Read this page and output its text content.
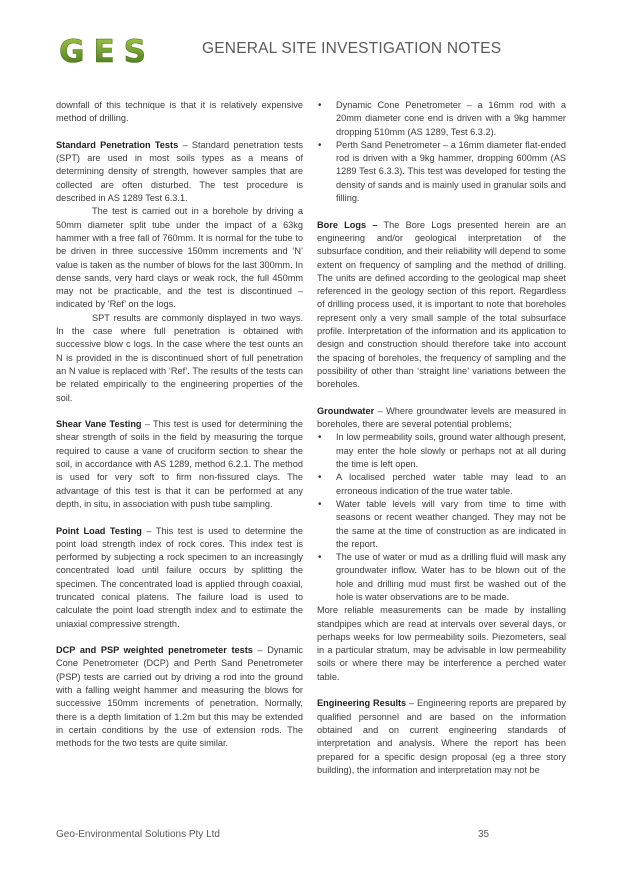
GES	GENERAL SITE INVESTIGATION NOTES

downfall of this technique is that it is relatively expensive method of drilling.

Standard Penetration Tests – Standard penetration tests (SPT) are used in most soils types as a means of determining density of strength, however samples that are collected are often disturbed. The test procedure is described in AS 1289 Test 6.3.1.

The test is carried out in a borehole by driving a 50mm diameter split tube under the impact of a 63kg hammer with a free fall of 760mm. It is normal for the tube to be driven in three successive 150mm increments and ‘N’ value is taken as the number of blows for the last 300mm. In dense sands, very hard clays or weak rock, the full 450mm may not be practicable, and the test is discontinued – indicated by ‘Ref’ on the logs.

SPT results are commonly displayed in two ways. In the case where full penetration is obtained with successive blow c logs. In the case where the test ounts an N is provided in the is discontinued short of full penetration an N value is replaced with ‘Ref’. The results of the tests can be related empirically to the engineering properties of the soil.

Shear Vane Testing – This test is used for determining the shear strength of soils in the field by measuring the torque required to cause a vane of cruciform section to shear the soil, in accordance with AS 1289, method 6.2.1. The method is used for very soft to firm non-fissured clays. The advantage of this test is that it can be performed at any depth, in situ, in association with push tube sampling.

Point Load Testing – This test is used to determine the point load strength index of rock cores. This index test is performed by subjecting a rock specimen to an increasingly concentrated load until failure occurs by splitting the specimen. The concentrated load is applied through coaxial, truncated conical platens. The failure load is used to calculate the point load strength index and to estimate the uniaxial compressive strength.

DCP and PSP weighted penetrometer tests – Dynamic Cone Penetrometer (DCP) and Perth Sand Penetrometer (PSP) tests are carried out by driving a rod into the ground with a falling weight hammer and measuring the blows for successive 150mm increments of penetration. Normally, there is a depth limitation of 1.2m but this may be extended in certain conditions by the use of extension rods. The methods for the two tests are quite similar.

• Dynamic Cone Penetrometer – a 16mm rod with a 20mm diameter cone end is driven with a 9kg hammer dropping 510mm (AS 1289, Test 6.3.2).
• Perth Sand Penetrometer – a 16mm diameter flat-ended rod is driven with a 9kg hammer, dropping 600mm (AS 1289 Test 6.3.3). This test was developed for testing the density of sands and is mainly used in granular soils and filling.

Bore Logs – The Bore Logs presented herein are an engineering and/or geological interpretation of the subsurface condition, and their reliability will depend to some extent on frequency of sampling and the method of drilling. The units are defined according to the geological map sheet referenced in the geology section of this report. Regardless of drilling process used, it is important to note that boreholes represent only a very small sample of the total subsurface profile. Interpretation of the information and its application to design and construction should therefore take into account the spacing of boreholes, the frequency of sampling and the possibility of other than ‘straight line’ variations between the boreholes.

Groundwater – Where groundwater levels are measured in boreholes, there are several potential problems;

• In low permeability soils, ground water although present, may enter the hole slowly or perhaps not at all during the time is left open.
• A localised perched water table may lead to an erroneous indication of the true water table.
• Water table levels will vary from time to time with seasons or recent weather changed. They may not be the same at the time of construction as are indicated in the report.
• The use of water or mud as a drilling fluid will mask any groundwater inflow. Water has to be blown out of the hole and drilling mud must first be washed out of the hole is water observations are to be made.

More reliable measurements can be made by installing standpipes which are read at intervals over several days, or perhaps weeks for low permeability soils. Piezometers, seal in a particular stratum, may be advisable in low permeability soils or where there may be interference a perched water table.

Engineering Results – Engineering reports are prepared by qualified personnel and are based on the information obtained and on current engineering standards of interpretation and analysis. Where the report has been prepared for a specific design proposal (eg a three story building), the information and interpretation may not be

Geo-Environmental Solutions Pty Ltd	35
